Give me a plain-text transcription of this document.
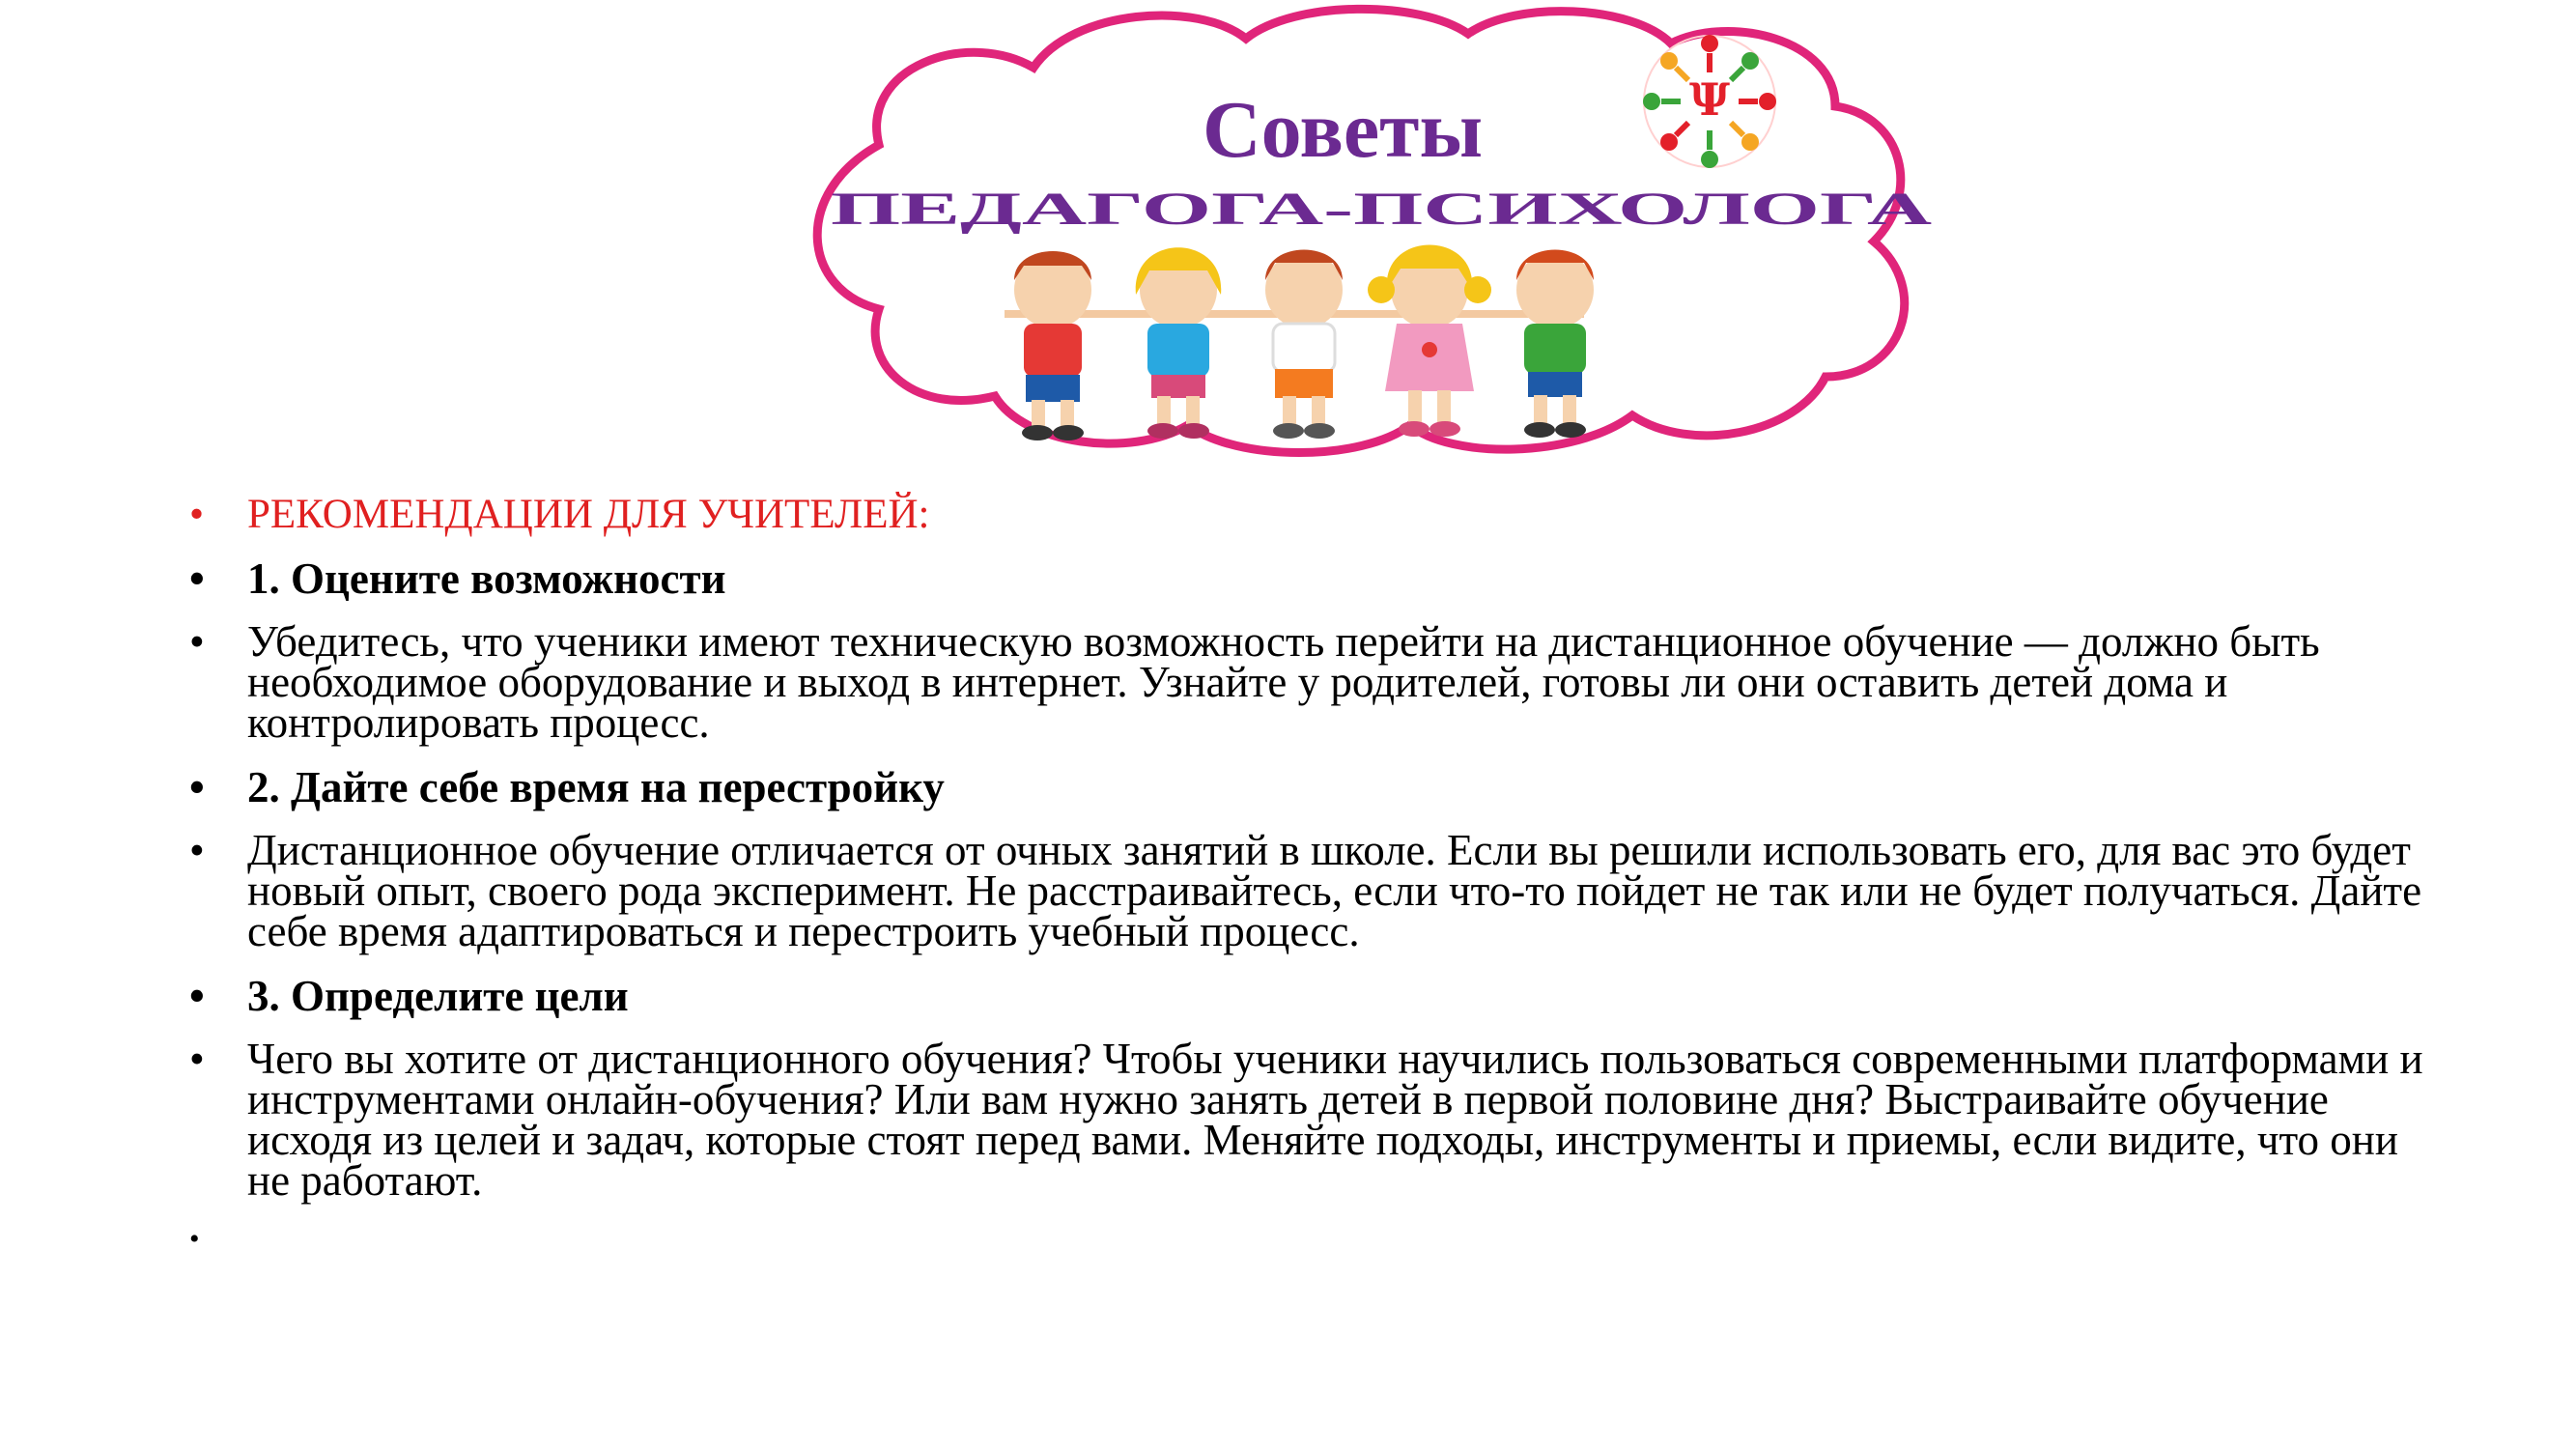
Советы
ПЕДАГОГА-ПСИХОЛОГА
Ψ
• РЕКОМЕНДАЦИИ ДЛЯ УЧИТЕЛЕЙ:
• 1. Оцените возможности
• Убедитесь, что ученики имеют техническую возможность перейти на дистанционное обучение — должно быть необходимое оборудование и выход в интернет. Узнайте у родителей, готовы ли они оставить детей дома и контролировать процесс.
• 2. Дайте себе время на перестройку
• Дистанционное обучение отличается от очных занятий в школе. Если вы решили использовать его, для вас это будет новый опыт, своего рода эксперимент. Не расстраивайтесь, если что-то пойдет не так или не будет получаться. Дайте себе время адаптироваться и перестроить учебный процесс.
• 3. Определите цели
• Чего вы хотите от дистанционного обучения? Чтобы ученики научились пользоваться современными платформами и инструментами онлайн-обучения? Или вам нужно занять детей в первой половине дня? Выстраивайте обучение исходя из целей и задач, которые стоят перед вами. Меняйте подходы, инструменты и приемы, если видите, что они не работают.
•
